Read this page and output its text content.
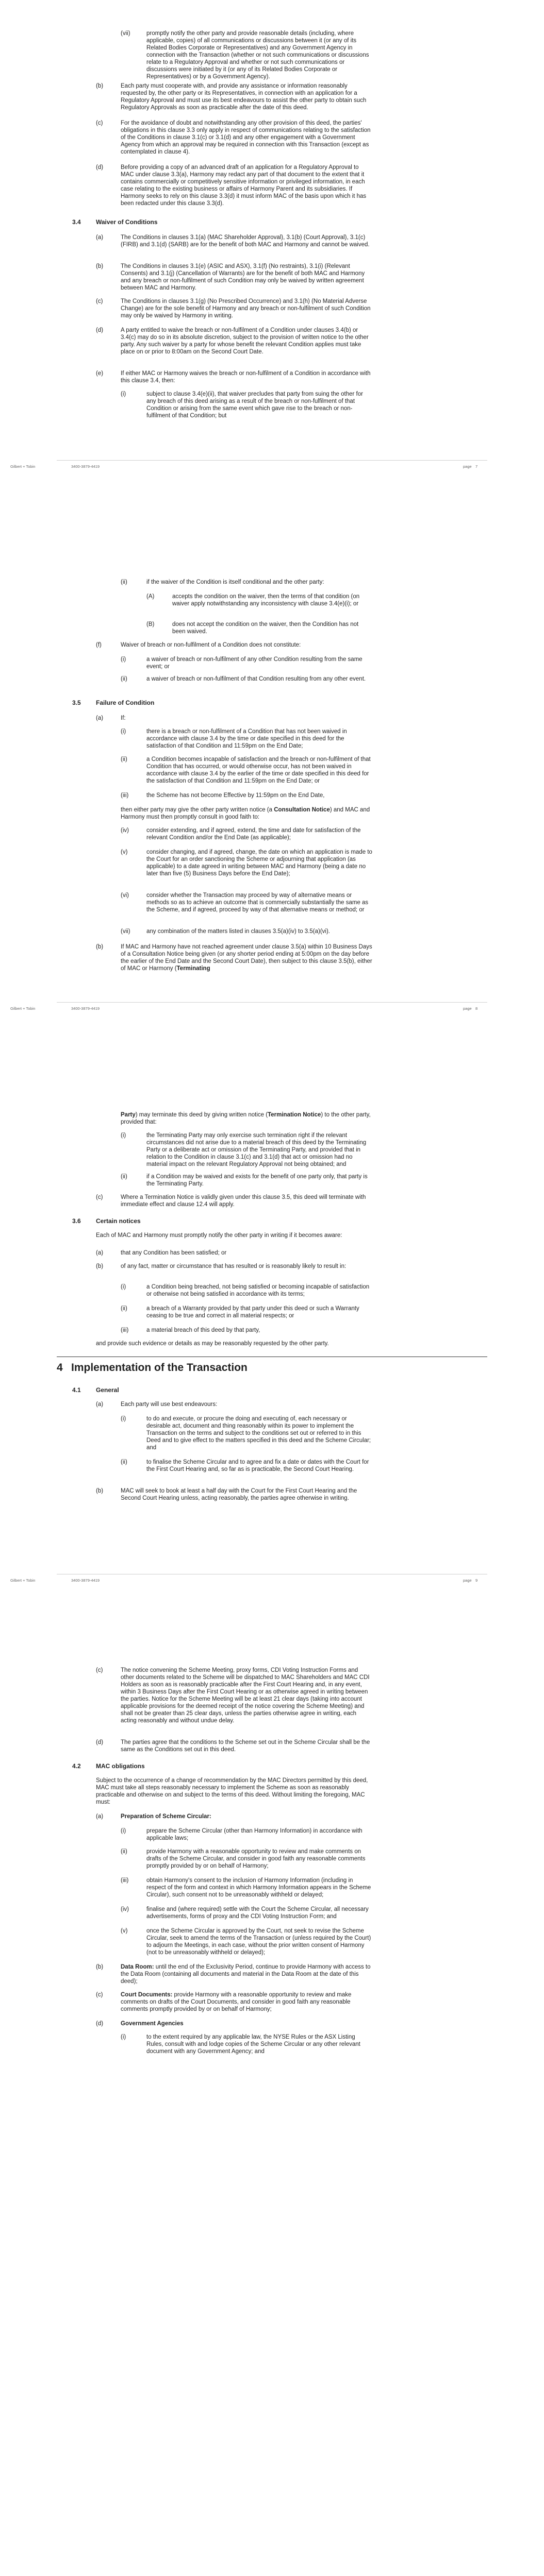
(vii)	promptly notify the other party and provide reasonable details (including, where applicable, copies) of all communications or discussions between it (or any of its Related Bodies Corporate or Representatives) and any Government Agency in connection with the Transaction (whether or not such communications or discussions relate to a Regulatory Approval and whether or not such communications or discussions were initiated by it (or any of its Related Bodies Corporate or Representatives) or by a Government Agency).
(b)	Each party must cooperate with, and provide any assistance or information reasonably requested by, the other party or its Representatives, in connection with an application for a Regulatory Approval and must use its best endeavours to assist the other party to obtain such Regulatory Approvals as soon as practicable after the date of this deed.
(c)	For the avoidance of doubt and notwithstanding any other provision of this deed, the parties' obligations in this clause 3.3 only apply in respect of communications relating to the satisfaction of the Conditions in clause 3.1(c) or 3.1(d) and any other engagement with a Government Agency from which an approval may be required in connection with this Transaction (except as contemplated in clause 4).
(d)	Before providing a copy of an advanced draft of an application for a Regulatory Approval to MAC under clause 3.3(a), Harmony may redact any part of that document to the extent that it contains commercially or competitively sensitive information or privileged information, in each case relating to the existing business or affairs of Harmony Parent and its subsidiaries. If Harmony seeks to rely on this clause 3.3(d) it must inform MAC of the basis upon which it has been redacted under this clause 3.3(d).
3.4 Waiver of Conditions
(a)	The Conditions in clauses 3.1(a) (MAC Shareholder Approval), 3.1(b) (Court Approval), 3.1(c) (FIRB) and 3.1(d) (SARB) are for the benefit of both MAC and Harmony and cannot be waived.
(b)	The Conditions in clauses 3.1(e) (ASIC and ASX), 3.1(f) (No restraints), 3.1(i) (Relevant Consents) and 3.1(j) (Cancellation of Warrants) are for the benefit of both MAC and Harmony and any breach or non-fulfilment of such Condition may only be waived by written agreement between MAC and Harmony.
(c)	The Conditions in clauses 3.1(g) (No Prescribed Occurrence) and 3.1(h) (No Material Adverse Change) are for the sole benefit of Harmony and any breach or non-fulfilment of such Condition may only be waived by Harmony in writing.
(d)	A party entitled to waive the breach or non-fulfilment of a Condition under clauses 3.4(b) or 3.4(c) may do so in its absolute discretion, subject to the provision of written notice to the other party. Any such waiver by a party for whose benefit the relevant Condition applies must take place on or prior to 8:00am on the Second Court Date.
(e)	If either MAC or Harmony waives the breach or non-fulfilment of a Condition in accordance with this clause 3.4, then:
(i)	subject to clause 3.4(e)(ii), that waiver precludes that party from suing the other for any breach of this deed arising as a result of the breach or non-fulfilment of that Condition or arising from the same event which gave rise to the breach or non-fulfilment of that Condition; but
Gilbert + Tobin	3400-3879-4419	page 7
(ii)	if the waiver of the Condition is itself conditional and the other party:
(A)	accepts the condition on the waiver, then the terms of that condition (on waiver apply notwithstanding any inconsistency with clause 3.4(e)(i); or
(B)	does not accept the condition on the waiver, then the Condition has not been waived.
(f)	Waiver of breach or non-fulfilment of a Condition does not constitute:
(i)	a waiver of breach or non-fulfilment of any other Condition resulting from the same event; or
(ii)	a waiver of breach or non-fulfilment of that Condition resulting from any other event.
3.5 Failure of Condition
(a)	If:
(i)	there is a breach or non-fulfilment of a Condition that has not been waived in accordance with clause 3.4 by the time or date specified in this deed for the satisfaction of that Condition and 11:59pm on the End Date;
(ii)	a Condition becomes incapable of satisfaction and the breach or non-fulfilment of that Condition that has occurred, or would otherwise occur, has not been waived in accordance with clause 3.4 by the earlier of the time or date specified in this deed for the satisfaction of that Condition and 11:59pm on the End Date; or
(iii)	the Scheme has not become Effective by 11:59pm on the End Date,
then either party may give the other party written notice (a Consultation Notice) and MAC and Harmony must then promptly consult in good faith to:
(iv)	consider extending, and if agreed, extend, the time and date for satisfaction of the relevant Condition and/or the End Date (as applicable);
(v)	consider changing, and if agreed, change, the date on which an application is made to the Court for an order sanctioning the Scheme or adjourning that application (as applicable) to a date agreed in writing between MAC and Harmony (being a date no later than five (5) Business Days before the End Date);
(vi)	consider whether the Transaction may proceed by way of alternative means or methods so as to achieve an outcome that is commercially substantially the same as the Scheme, and if agreed, proceed by way of that alternative means or method; or
(vii)	any combination of the matters listed in clauses 3.5(a)(iv) to 3.5(a)(vi).
(b)	If MAC and Harmony have not reached agreement under clause 3.5(a) within 10 Business Days of a Consultation Notice being given (or any shorter period ending at 5:00pm on the day before the earlier of the End Date and the Second Court Date), then subject to this clause 3.5(b), either of MAC or Harmony (Terminating
Gilbert + Tobin	3400-3879-4419	page 8
Party) may terminate this deed by giving written notice (Termination Notice) to the other party, provided that:
(i)	the Terminating Party may only exercise such termination right if the relevant circumstances did not arise due to a material breach of this deed by the Terminating Party or a deliberate act or omission of the Terminating Party, and provided that in relation to the Condition in clause 3.1(c) and 3.1(d) that act or omission had no material impact on the relevant Regulatory Approval not being obtained; and
(ii)	if a Condition may be waived and exists for the benefit of one party only, that party is the Terminating Party.
(c)	Where a Termination Notice is validly given under this clause 3.5, this deed will terminate with immediate effect and clause 12.4 will apply.
3.6 Certain notices
Each of MAC and Harmony must promptly notify the other party in writing if it becomes aware:
(a)	that any Condition has been satisfied; or
(b)	of any fact, matter or circumstance that has resulted or is reasonably likely to result in:
(i)	a Condition being breached, not being satisfied or becoming incapable of satisfaction or otherwise not being satisfied in accordance with its terms;
(ii)	a breach of a Warranty provided by that party under this deed or such a Warranty ceasing to be true and correct in all material respects; or
(iii)	a material breach of this deed by that party,
and provide such evidence or details as may be reasonably requested by the other party.
4 Implementation of the Transaction
4.1 General
(a)	Each party will use best endeavours:
(i)	to do and execute, or procure the doing and executing of, each necessary or desirable act, document and thing reasonably within its power to implement the Transaction on the terms and subject to the conditions set out or referred to in this Deed and to give effect to the matters specified in this deed and the Scheme Circular; and
(ii)	to finalise the Scheme Circular and to agree and fix a date or dates with the Court for the First Court Hearing and, so far as is practicable, the Second Court Hearing.
(b)	MAC will seek to book at least a half day with the Court for the First Court Hearing and the Second Court Hearing unless, acting reasonably, the parties agree otherwise in writing.
Gilbert + Tobin	3400-3879-4419	page 9
(c)	The notice convening the Scheme Meeting, proxy forms, CDI Voting Instruction Forms and other documents related to the Scheme will be dispatched to MAC Shareholders and MAC CDI Holders as soon as is reasonably practicable after the First Court Hearing and, in any event, within 3 Business Days after the First Court Hearing or as otherwise agreed in writing between the parties. Notice for the Scheme Meeting will be at least 21 clear days (taking into account applicable provisions for the deemed receipt of the notice covering the Scheme Meeting) and shall not be greater than 25 clear days, unless the parties otherwise agree in writing, each acting reasonably and without undue delay.
(d)	The parties agree that the conditions to the Scheme set out in the Scheme Circular shall be the same as the Conditions set out in this deed.
4.2 MAC obligations
Subject to the occurrence of a change of recommendation by the MAC Directors permitted by this deed, MAC must take all steps reasonably necessary to implement the Scheme as soon as reasonably practicable and otherwise on and subject to the terms of this deed. Without limiting the foregoing, MAC must:
(a)	Preparation of Scheme Circular:
(i)	prepare the Scheme Circular (other than Harmony Information) in accordance with applicable laws;
(ii)	provide Harmony with a reasonable opportunity to review and make comments on drafts of the Scheme Circular, and consider in good faith any reasonable comments promptly provided by or on behalf of Harmony;
(iii)	obtain Harmony's consent to the inclusion of Harmony Information (including in respect of the form and context in which Harmony Information appears in the Scheme Circular), such consent not to be unreasonably withheld or delayed;
(iv)	finalise and (where required) settle with the Court the Scheme Circular, all necessary advertisements, forms of proxy and the CDI Voting Instruction Form; and
(v)	once the Scheme Circular is approved by the Court, not seek to revise the Scheme Circular, seek to amend the terms of the Transaction or (unless required by the Court) to adjourn the Meetings, in each case, without the prior written consent of Harmony (not to be unreasonably withheld or delayed);
(b)	Data Room: until the end of the Exclusivity Period, continue to provide Harmony with access to the Data Room (containing all documents and material in the Data Room at the date of this deed);
(c)	Court Documents: provide Harmony with a reasonable opportunity to review and make comments on drafts of the Court Documents, and consider in good faith any reasonable comments promptly provided by or on behalf of Harmony;
(d)	Government Agencies
(i)	to the extent required by any applicable law, the NYSE Rules or the ASX Listing Rules, consult with and lodge copies of the Scheme Circular or any other relevant document with any Government Agency; and
